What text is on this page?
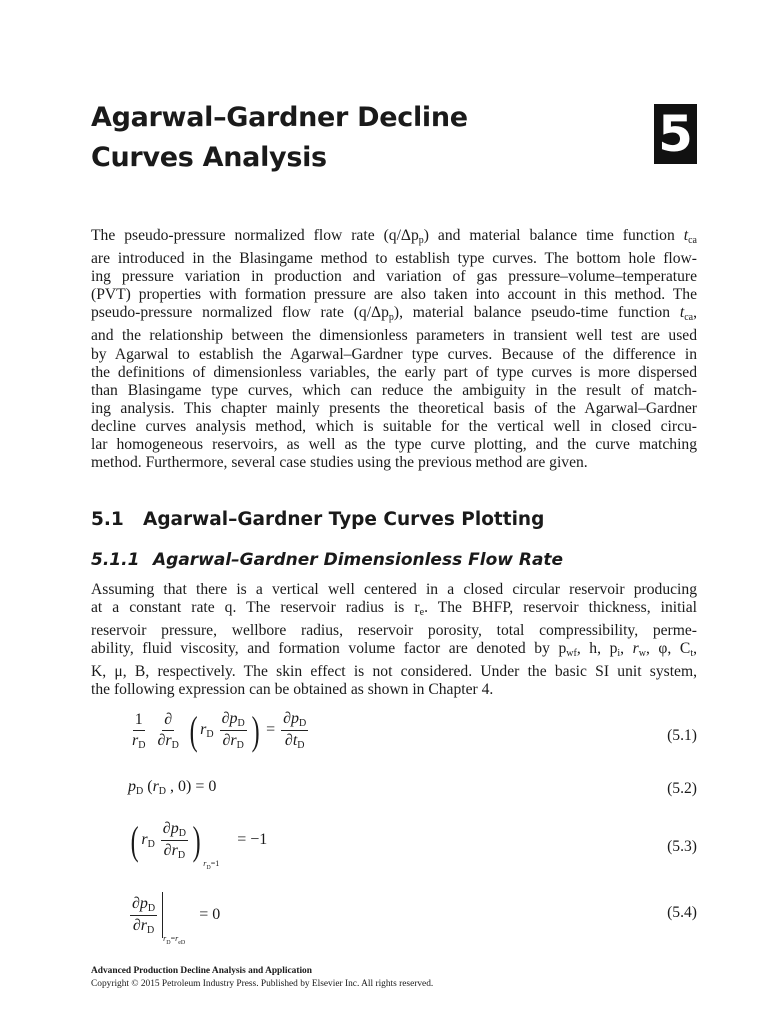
Agarwal–Gardner Decline
Curves Analysis	5
The pseudo-pressure normalized flow rate $(q/\Delta p_p)$ and material balance time function $t_{ca}$
are introduced in the Blasingame method to establish type curves. The bottom hole flow-
ing pressure variation in production and variation of gas pressure–volume–temperature
(PVT) properties with formation pressure are also taken into account in this method. The
pseudo-pressure normalized flow rate $(q/\Delta p_p)$, material balance pseudo-time function $t_{ca}$,
and the relationship between the dimensionless parameters in transient well test are used
by Agarwal to establish the Agarwal–Gardner type curves. Because of the difference in
the definitions of dimensionless variables, the early part of type curves is more dispersed
than Blasingame type curves, which can reduce the ambiguity in the result of match-
ing analysis. This chapter mainly presents the theoretical basis of the Agarwal–Gardner
decline curves analysis method, which is suitable for the vertical well in closed circu-
lar homogeneous reservoirs, as well as the type curve plotting, and the curve matching
method. Furthermore, several case studies using the previous method are given.
5.1 Agarwal–Gardner Type Curves Plotting
5.1.1 Agarwal–Gardner Dimensionless Flow Rate
Assuming that there is a vertical well centered in a closed circular reservoir producing
at a constant rate q. The reservoir radius is $r_e$. The BHFP, reservoir thickness, initial
reservoir pressure, wellbore radius, reservoir porosity, total compressibility, perme-
ability, fluid viscosity, and formation volume factor are denoted by $p_{wf}$, h, $p_i$, $r_w$, φ, $C_t$,
K, μ, B, respectively. The skin effect is not considered. Under the basic SI unit system,
the following expression can be obtained as shown in Chapter 4.
$\frac{1}{r_D}$
$\frac{\partial}{\partial r_D}$ ( $r_D \frac{\partial p_D}{\partial r_D}$ ) = $\frac{\partial p_D}{\partial t_D}$	(5.1)
$p_D$ ($r_D$ , 0) = 0	(5.2)
( $r_D \frac{\partial p_D}{\partial r_D} )_{r_D=1} = -1$	(5.3)
$\frac{\partial p_D}{\partial r_D}$
$_{r_D=r_{eD}}$ = 0	(5.4)
Advanced Production Decline Analysis and Application
Copyright © 2015 Petroleum Industry Press. Published by Elsevier Inc. All rights reserved.
